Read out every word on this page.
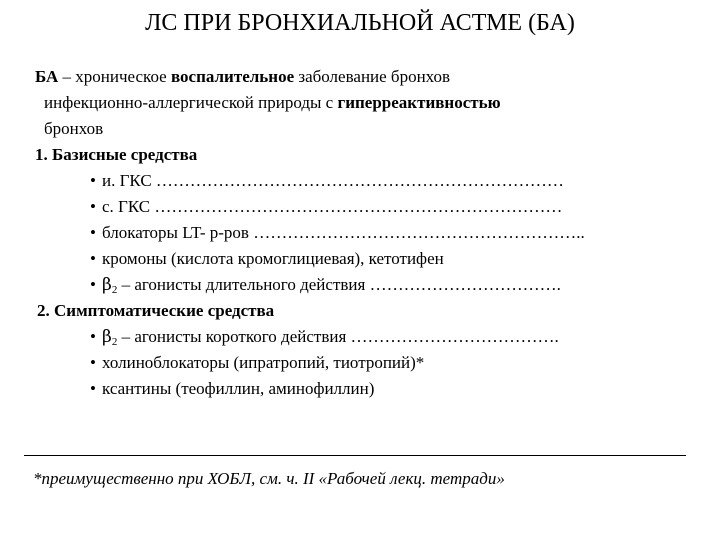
ЛС ПРИ БРОНХИАЛЬНОЙ АСТМЕ (БА)
БА – хроническое воспалительное заболевание бронхов
инфекционно-аллергической природы с гиперреактивностью
бронхов
1. Базисные средства
• и. ГКС ………………………………………………………………
• с. ГКС ………………………………………………………………
• блокаторы LT- р-ров …………………………………………………..
• кромоны (кислота кромоглициевая), кетотифен
• $\beta_2$ – агонисты длительного действия …………………………….
2. Симптоматические средства
• $\beta_2$ – агонисты короткого действия ……………………………….
• холиноблокаторы (ипратропий, тиотропий)*
• ксантины (теофиллин, аминофиллин)
*преимущественно при ХОБЛ, см. ч. II «Рабочей лекц. тетради»
